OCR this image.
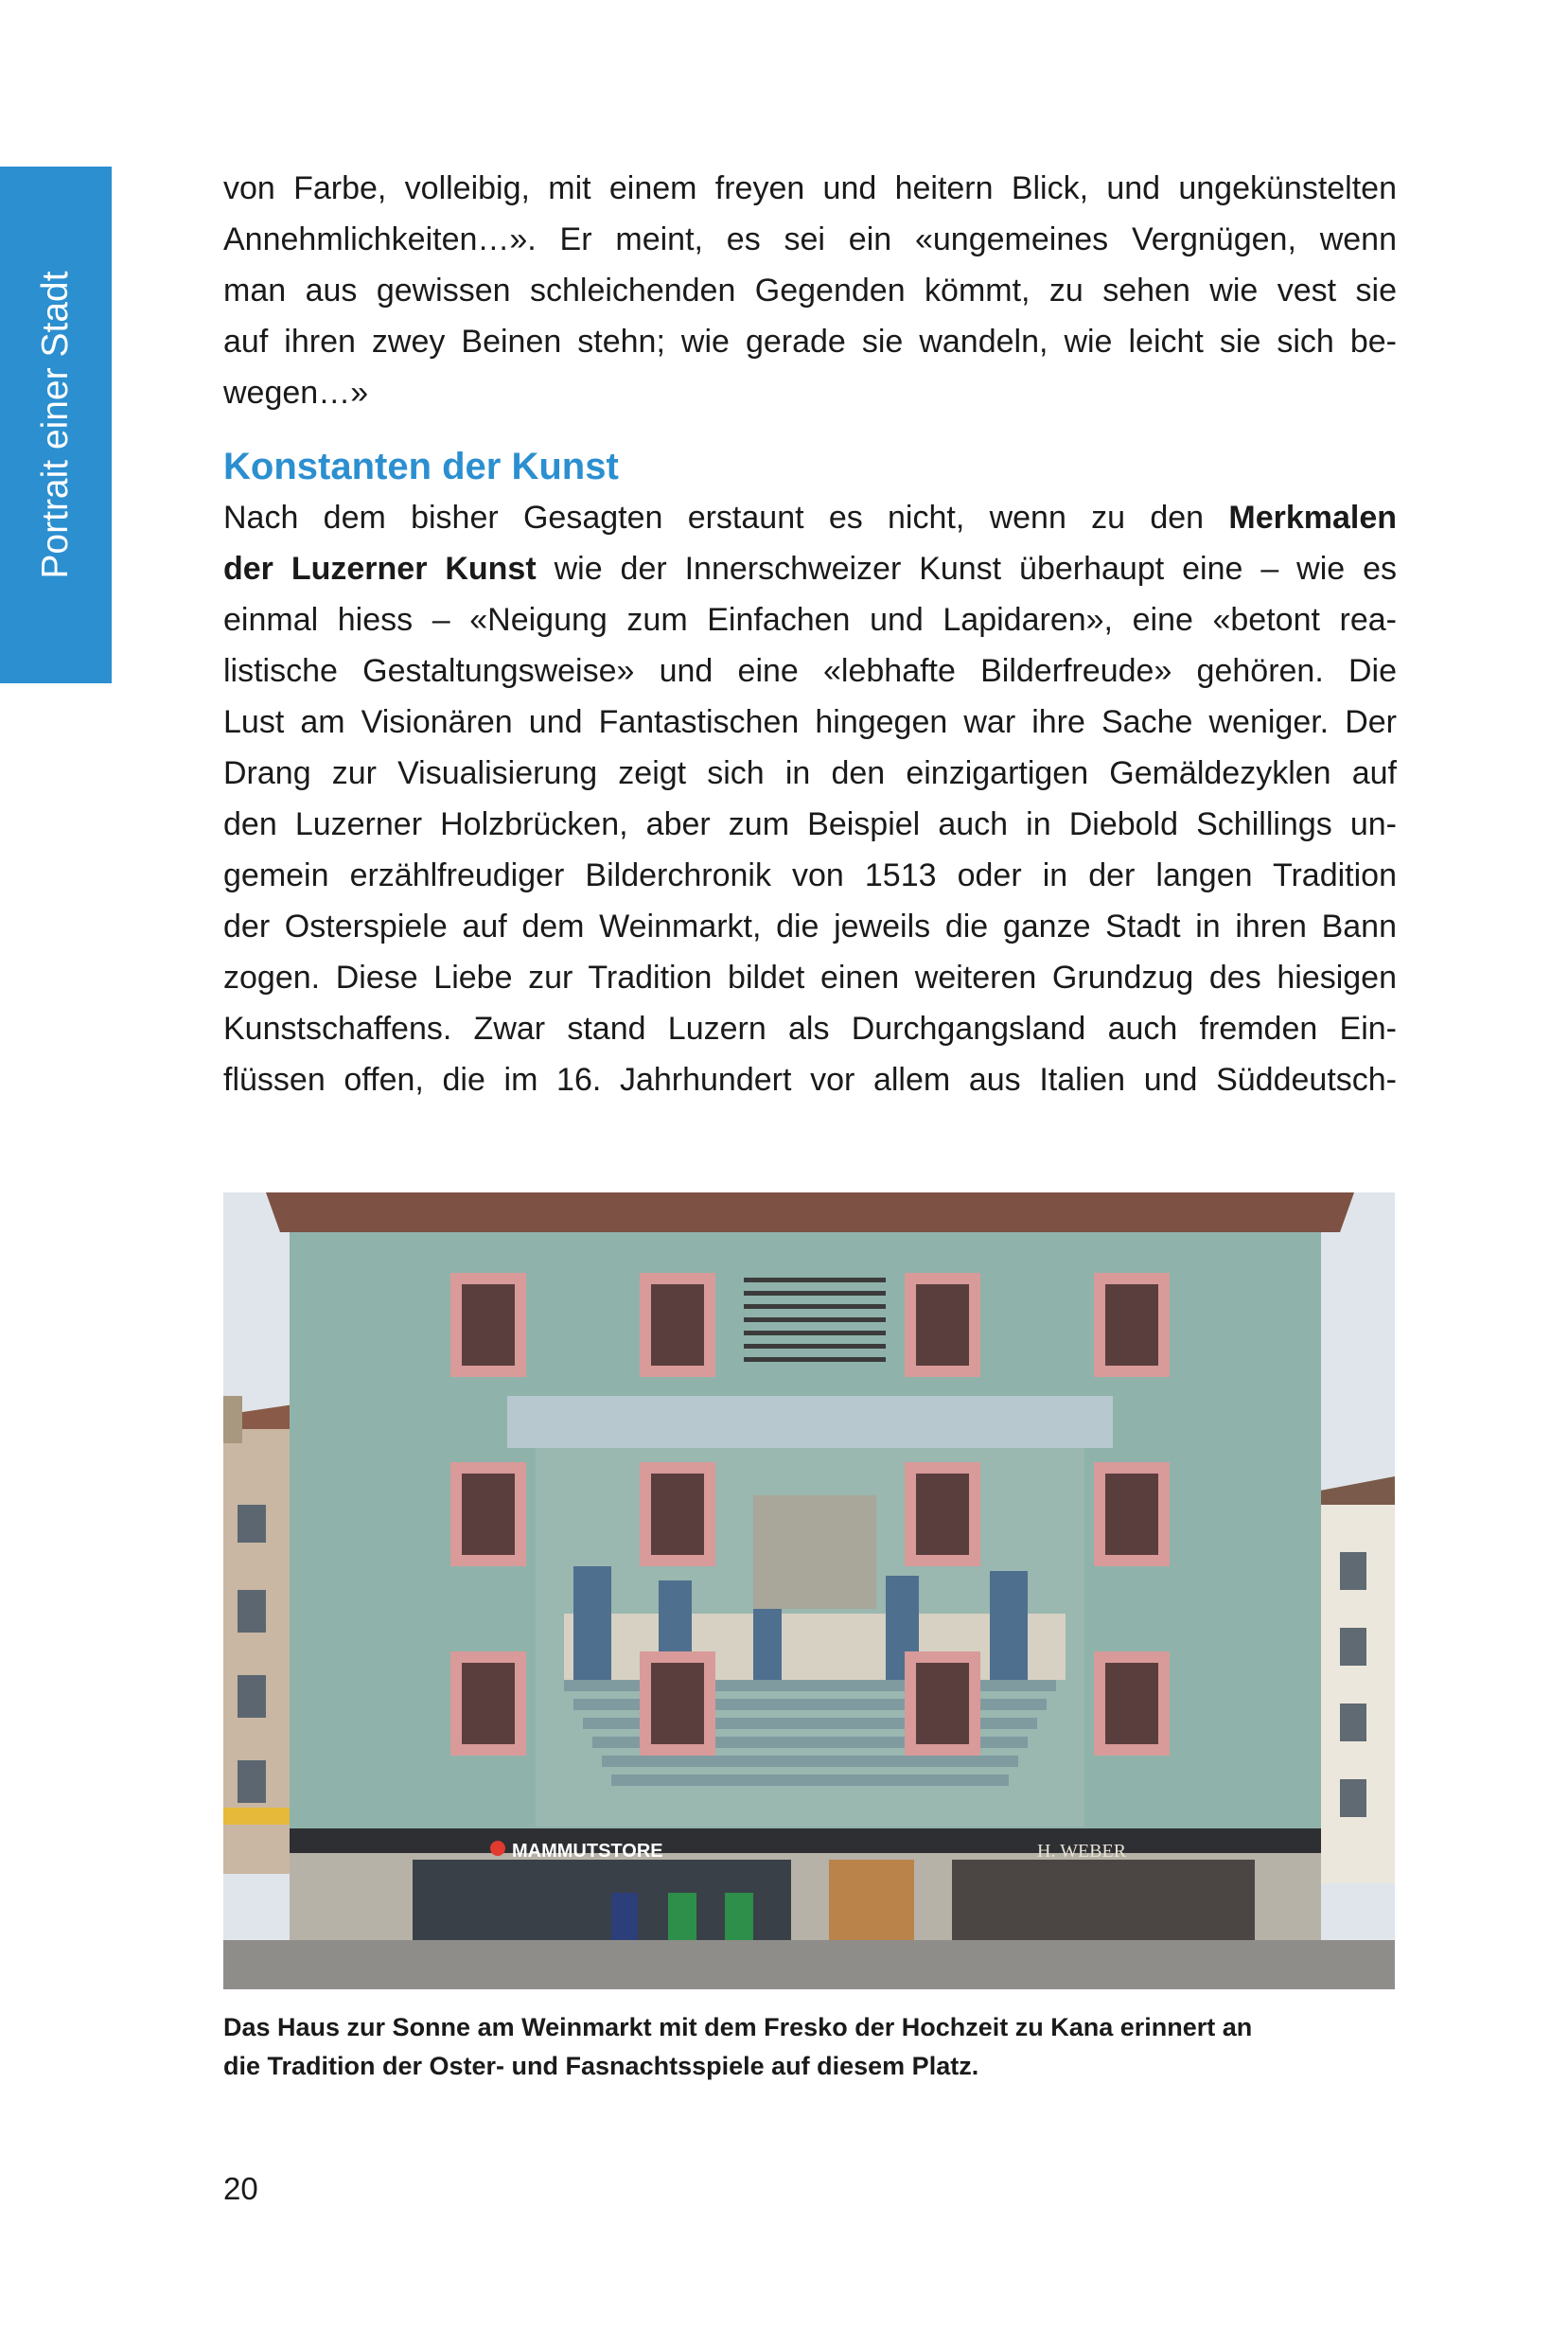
Portrait einer Stadt

von Farbe, volleibig, mit einem freyen und heitern Blick, und ungekünstelten

Annehmlichkeiten…». Er meint, es sei ein «ungemeines Vergnügen, wenn

man aus gewissen schleichenden Gegenden kömmt, zu sehen wie vest sie

auf ihren zwey Beinen stehn; wie gerade sie wandeln, wie leicht sie sich be-

wegen…»

Konstanten der Kunst

Nach dem bisher Gesagten erstaunt es nicht, wenn zu den Merkmalen

der Luzerner Kunst wie der Innerschweizer Kunst überhaupt eine – wie es

einmal hiess – «Neigung zum Einfachen und Lapidaren», eine «betont rea-

listische Gestaltungsweise» und eine «lebhafte Bilderfreude» gehören. Die

Lust am Visionären und Fantastischen hingegen war ihre Sache weniger. Der

Drang zur Visualisierung zeigt sich in den einzigartigen Gemäldezyklen auf

den Luzerner Holzbrücken, aber zum Beispiel auch in Diebold Schillings un-

gemein erzählfreudiger Bilderchronik von 1513 oder in der langen Tradition

der Osterspiele auf dem Weinmarkt, die jeweils die ganze Stadt in ihren Bann

zogen. Diese Liebe zur Tradition bildet einen weiteren Grundzug des hiesigen

Kunstschaffens. Zwar stand Luzern als Durchgangsland auch fremden Ein-

flüssen offen, die im 16. Jahrhundert vor allem aus Italien und Süddeutsch-

MAMMUTSTORE	H. WEBER
Das Haus zur Sonne am Weinmarkt mit dem Fresko der Hochzeit zu Kana erinnert an
die Tradition der Oster- und Fasnachtsspiele auf diesem Platz.
20
